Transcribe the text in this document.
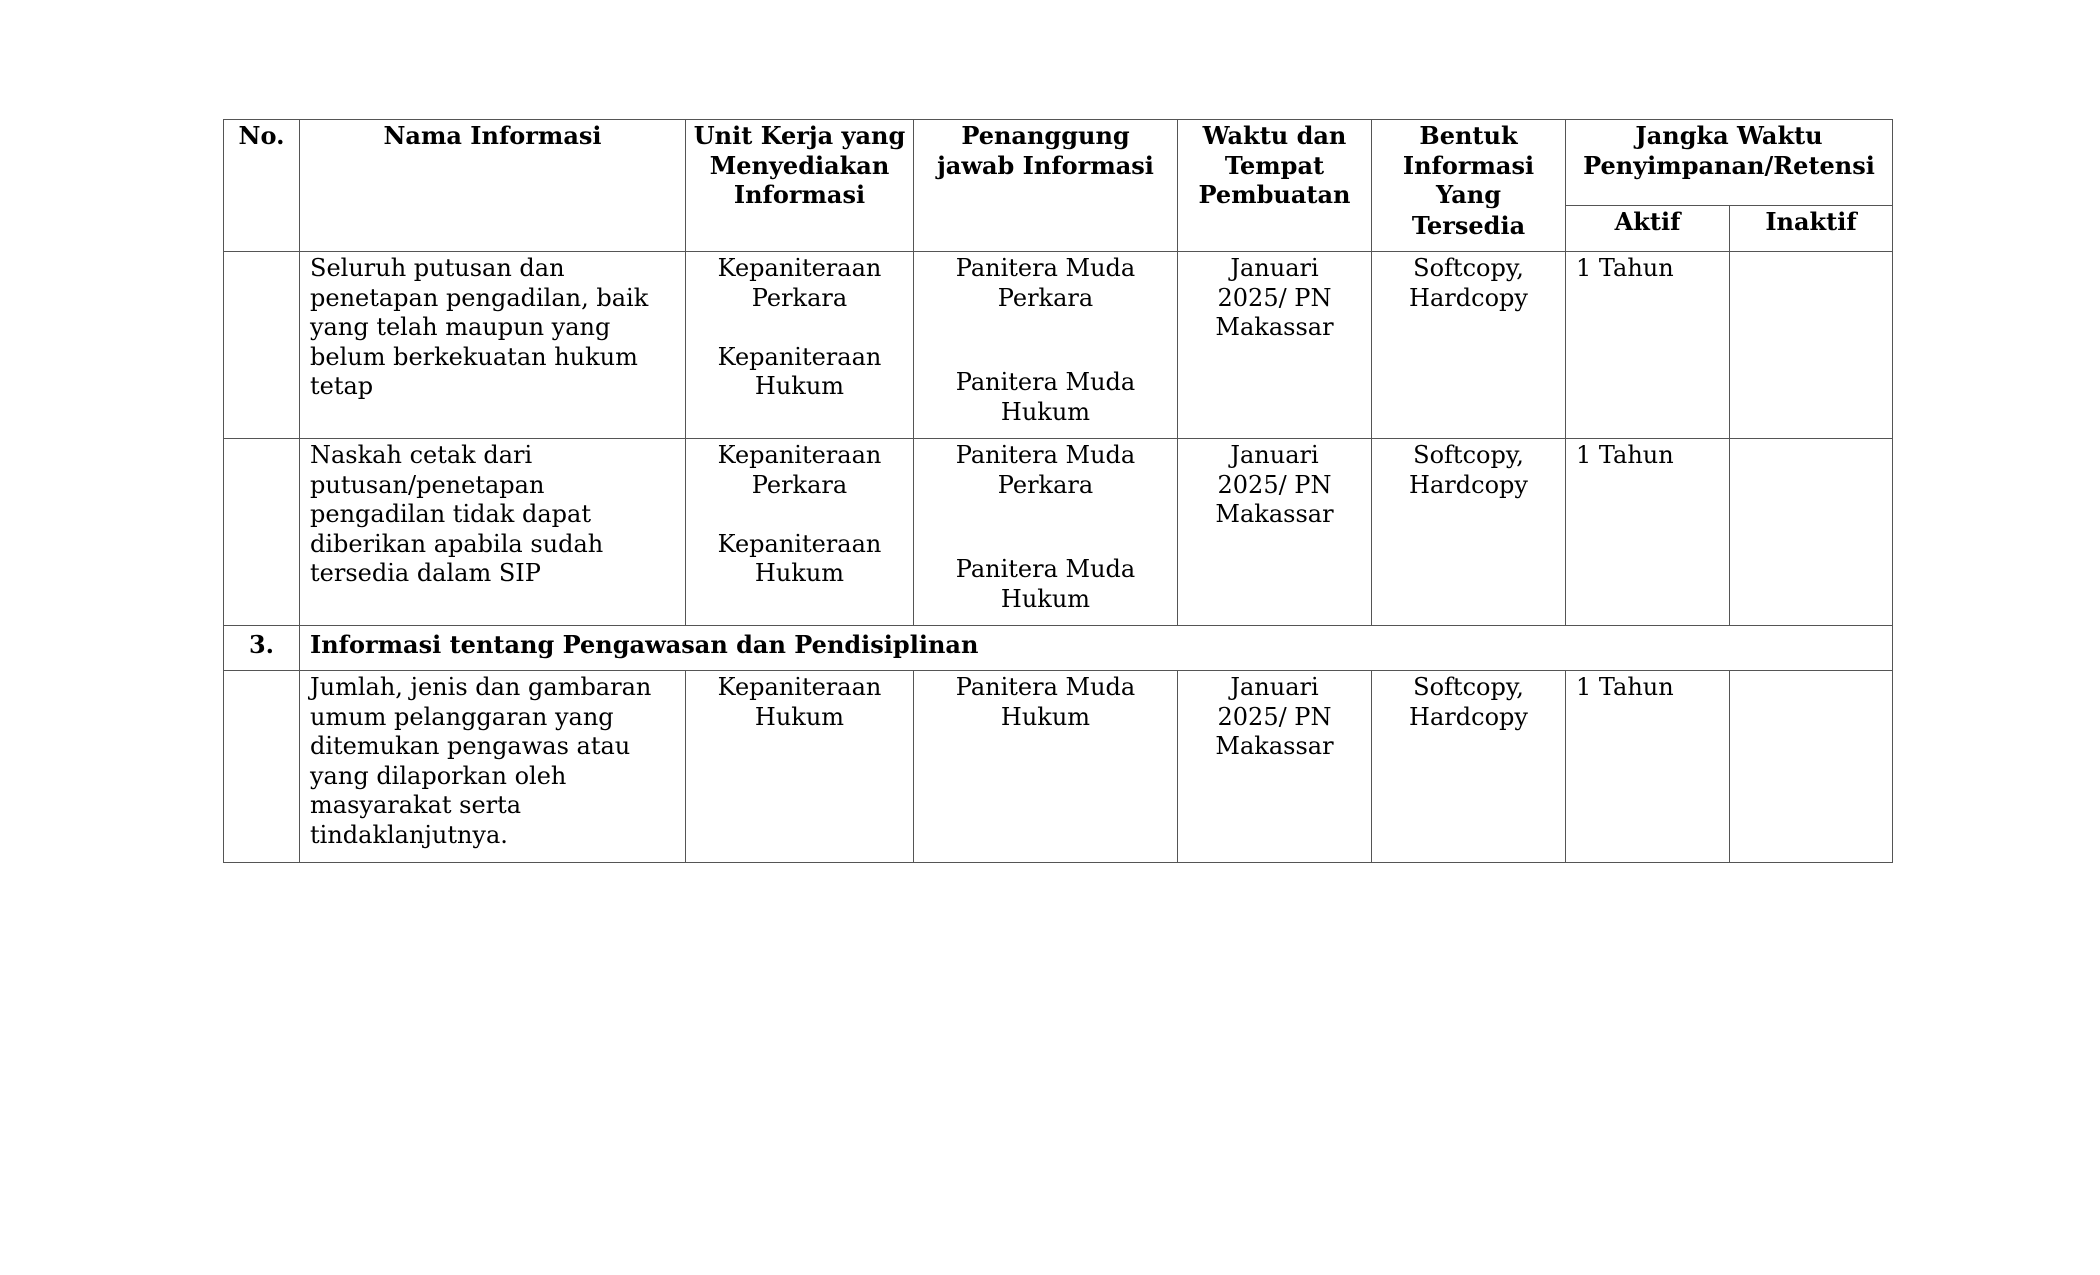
No.	Nama Informasi	Unit Kerja yang Menyediakan Informasi	Penanggung jawab Informasi	Waktu dan Tempat Pembuatan	Bentuk
Informasi
Yang
Tersedia	Jangka Waktu Penyimpanan/Retensi	
						Aktif	Inaktif
	Seluruh putusan dan penetapan pengadilan, baik yang telah maupun yang belum berkekuatan hukum tetap	Kepaniteraan Perkara
Kepaniteraan Hukum	Panitera Muda Perkara
Panitera Muda Hukum	Januari 2025/ PN Makassar	Softcopy, Hardcopy	1 Tahun	
	Naskah cetak dari putusan/penetapan pengadilan tidak dapat diberikan apabila sudah tersedia dalam SIP	Kepaniteraan Perkara
Kepaniteraan Hukum	Panitera Muda Perkara
Panitera Muda Hukum	Januari 2025/ PN Makassar	Softcopy, Hardcopy	1 Tahun	
3.	Informasi tentang Pengawasan dan Pendisiplinan						
	Jumlah, jenis dan gambaran umum pelanggaran yang ditemukan pengawas atau yang dilaporkan oleh masyarakat serta tindaklanjutnya.	Kepaniteraan Hukum	Panitera Muda Hukum	Januari 2025/ PN Makassar	Softcopy, Hardcopy	1 Tahun	
